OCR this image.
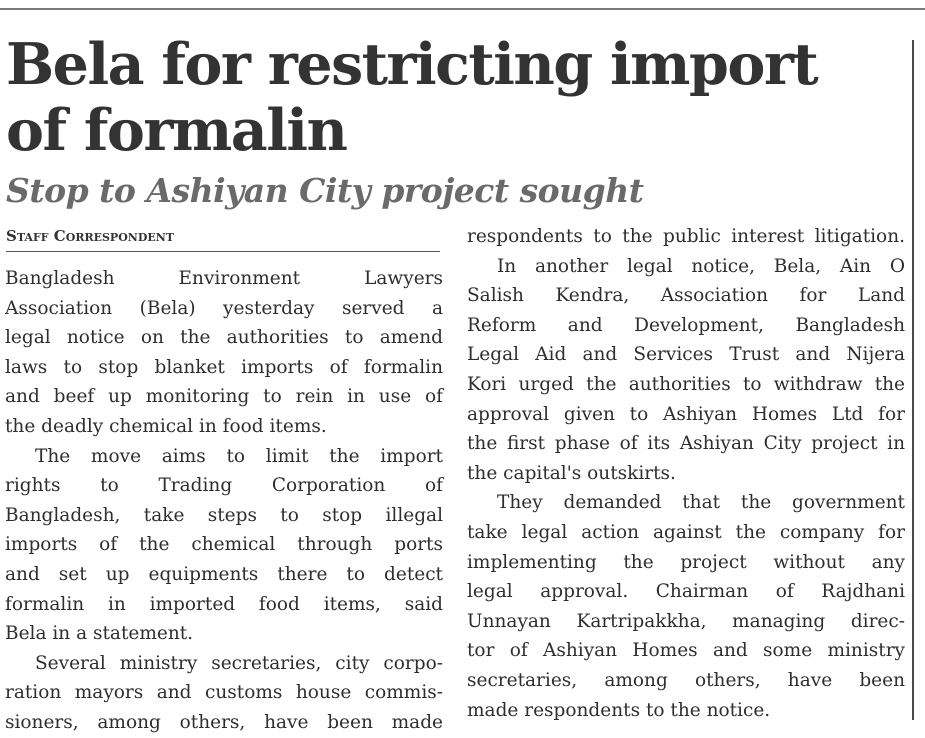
Bela for restricting import
of formalin
Stop to Ashiyan City project sought
Staff Correspondent
Bangladesh Environment Lawyers
Association (Bela) yesterday served a
legal notice on the authorities to amend
laws to stop blanket imports of formalin
and beef up monitoring to rein in use of
the deadly chemical in food items.
The move aims to limit the import
rights to Trading Corporation of
Bangladesh, take steps to stop illegal
imports of the chemical through ports
and set up equipments there to detect
formalin in imported food items, said
Bela in a statement.
Several ministry secretaries, city corpo-
ration mayors and customs house commis-
sioners, among others, have been made
respondents to the public interest litigation.
In another legal notice, Bela, Ain O
Salish Kendra, Association for Land
Reform and Development, Bangladesh
Legal Aid and Services Trust and Nijera
Kori urged the authorities to withdraw the
approval given to Ashiyan Homes Ltd for
the first phase of its Ashiyan City project in
the capital's outskirts.
They demanded that the government
take legal action against the company for
implementing the project without any
legal approval. Chairman of Rajdhani
Unnayan Kartripakkha, managing direc-
tor of Ashiyan Homes and some ministry
secretaries, among others, have been
made respondents to the notice.
